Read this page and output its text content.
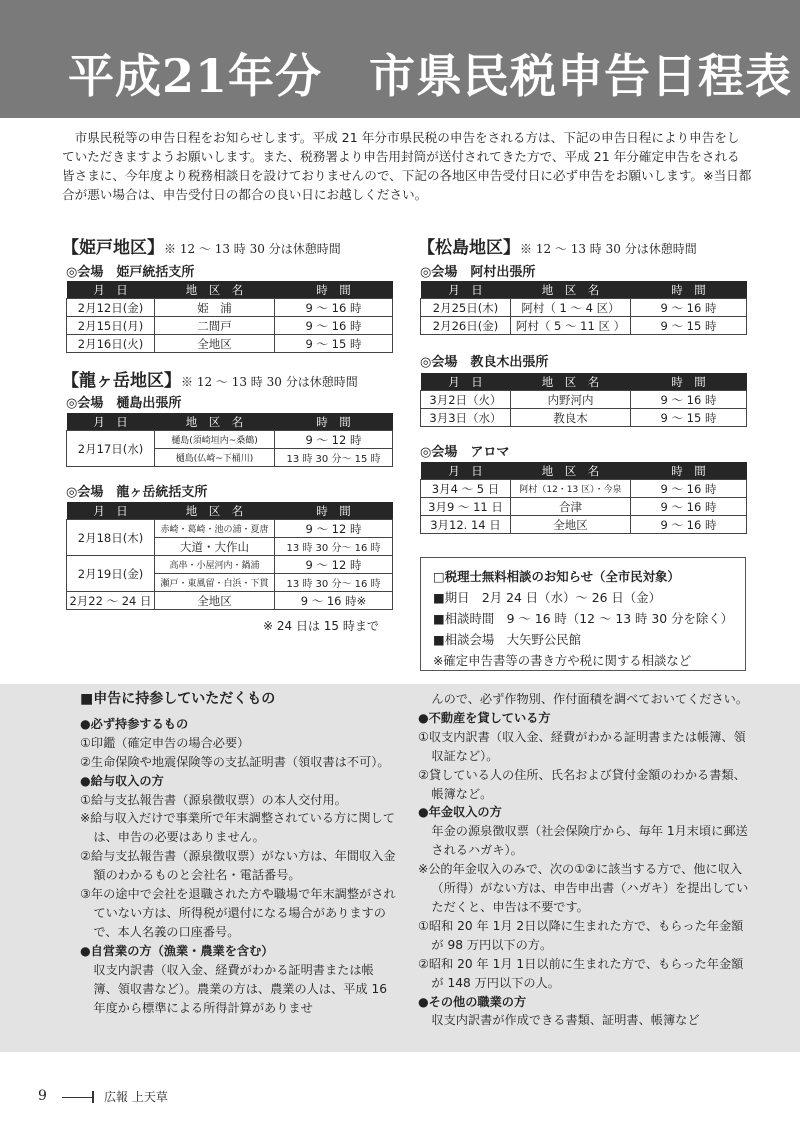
平成21年分　市県民税申告日程表

市県民税等の申告日程をお知らせします。平成 21 年分市県民税の申告をされる方は、下記の申告日程により申告をしていただきますようお願いします。また、税務署より申告用封筒が送付されてきた方で、平成 21 年分確定申告をされる皆さまに、今年度より税務相談日を設けておりませんので、下記の各地区申告受付日に必ず申告をお願いします。※当日都合が悪い場合は、申告受付日の都合の良い日にお越しください。

【姫戸地区】※ 12 ～ 13 時 30 分は休憩時間
◎会場　姫戸統括支所
月　日	地　区　名	時　間
2月12日(金)	姫　浦	9 ～ 16 時
2月15日(月)	二間戸	9 ～ 16 時
2月16日(火)	全地区	9 ～ 15 時
【龍ヶ岳地区】※ 12 ～ 13 時 30 分は休憩時間
◎会場　樋島出張所
月　日	地　区　名	時　間
2月17日(水)	樋島(須崎垣内~桑鶴)	9 ～ 12 時
	樋島(仏崎~下桶川)	13 時 30 分～ 15 時
◎会場　龍ヶ岳統括支所
月　日	地　区　名	時　間
2月18日(木)	赤崎・葛崎・池の浦・夏唐	9 ～ 12 時
	大道・大作山	13 時 30 分～ 16 時
2月19日(金)	高串・小屋河内・鍋浦	9 ～ 12 時
	瀬戸・東風留・白浜・下貫	13 時 30 分～ 16 時
2月22 ～ 24 日	全地区	9 ～ 16 時※
※ 24 日は 15 時まで
【松島地区】※ 12 ～ 13 時 30 分は休憩時間
◎会場　阿村出張所
月　日	地　区　名	時　間
2月25日(木)	阿村（ 1 ～ 4 区）	9 ～ 16 時
2月26日(金)	阿村（ 5 ～ 11 区 ）	9 ～ 15 時
◎会場　教良木出張所
月　日	地　区　名	時　間
3月2日（火）	内野河内	9 ～ 16 時
3月3日（水）	教良木	9 ～ 15 時
◎会場　アロマ
月　日	地　区　名	時　間
3月4 ～ 5 日	阿村（12・13 区）・今泉	9 ～ 16 時
3月9 ～ 11 日	合津	9 ～ 16 時
3月12. 14 日	全地区	9 ～ 16 時
□税理士無料相談のお知らせ（全市民対象）
■期日　2月 24 日（水）～ 26 日（金）
■相談時間　9 ～ 16 時（12 ～ 13 時 30 分を除く）
■相談会場　大矢野公民館
※確定申告書等の書き方や税に関する相談など
■申告に持参していただくもの
●必ず持参するもの
①印鑑（確定申告の場合必要）
②生命保険や地震保険等の支払証明書（領収書は不可）。
●給与収入の方
①給与支払報告書（源泉徴収票）の本人交付用。
※給与収入だけで事業所で年末調整されている方に関しては、申告の必要はありません。
②給与支払報告書（源泉徴収票）がない方は、年間収入金額のわかるものと会社名・電話番号。
③年の途中で会社を退職された方や職場で年末調整がされていない方は、所得税が還付になる場合がありますので、本人名義の口座番号。
●自営業の方（漁業・農業を含む）
収支内訳書（収入金、経費がわかる証明書または帳簿、領収書など）。農業の方は、農業の人は、平成 16 年度から標準による所得計算がありませ
んので、必ず作物別、作付面積を調べておいてください。
●不動産を貸している方
①収支内訳書（収入金、経費がわかる証明書または帳簿、領収証など）。
②貸している人の住所、氏名および貸付金額のわかる書類、帳簿など。
●年金収入の方
年金の源泉徴収票（社会保険庁から、毎年 1月末頃に郵送されるハガキ）。
※公的年金収入のみで、次の①②に該当する方で、他に収入（所得）がない方は、申告申出書（ハガキ）を提出していただくと、申告は不要です。
①昭和 20 年 1月 2日以降に生まれた方で、もらった年金額が 98 万円以下の方。
②昭和 20 年 1月 1日以前に生まれた方で、もらった年金額が 148 万円以下の人。
●その他の職業の方
収支内訳書が作成できる書類、証明書、帳簿など
9	広報 上天草
